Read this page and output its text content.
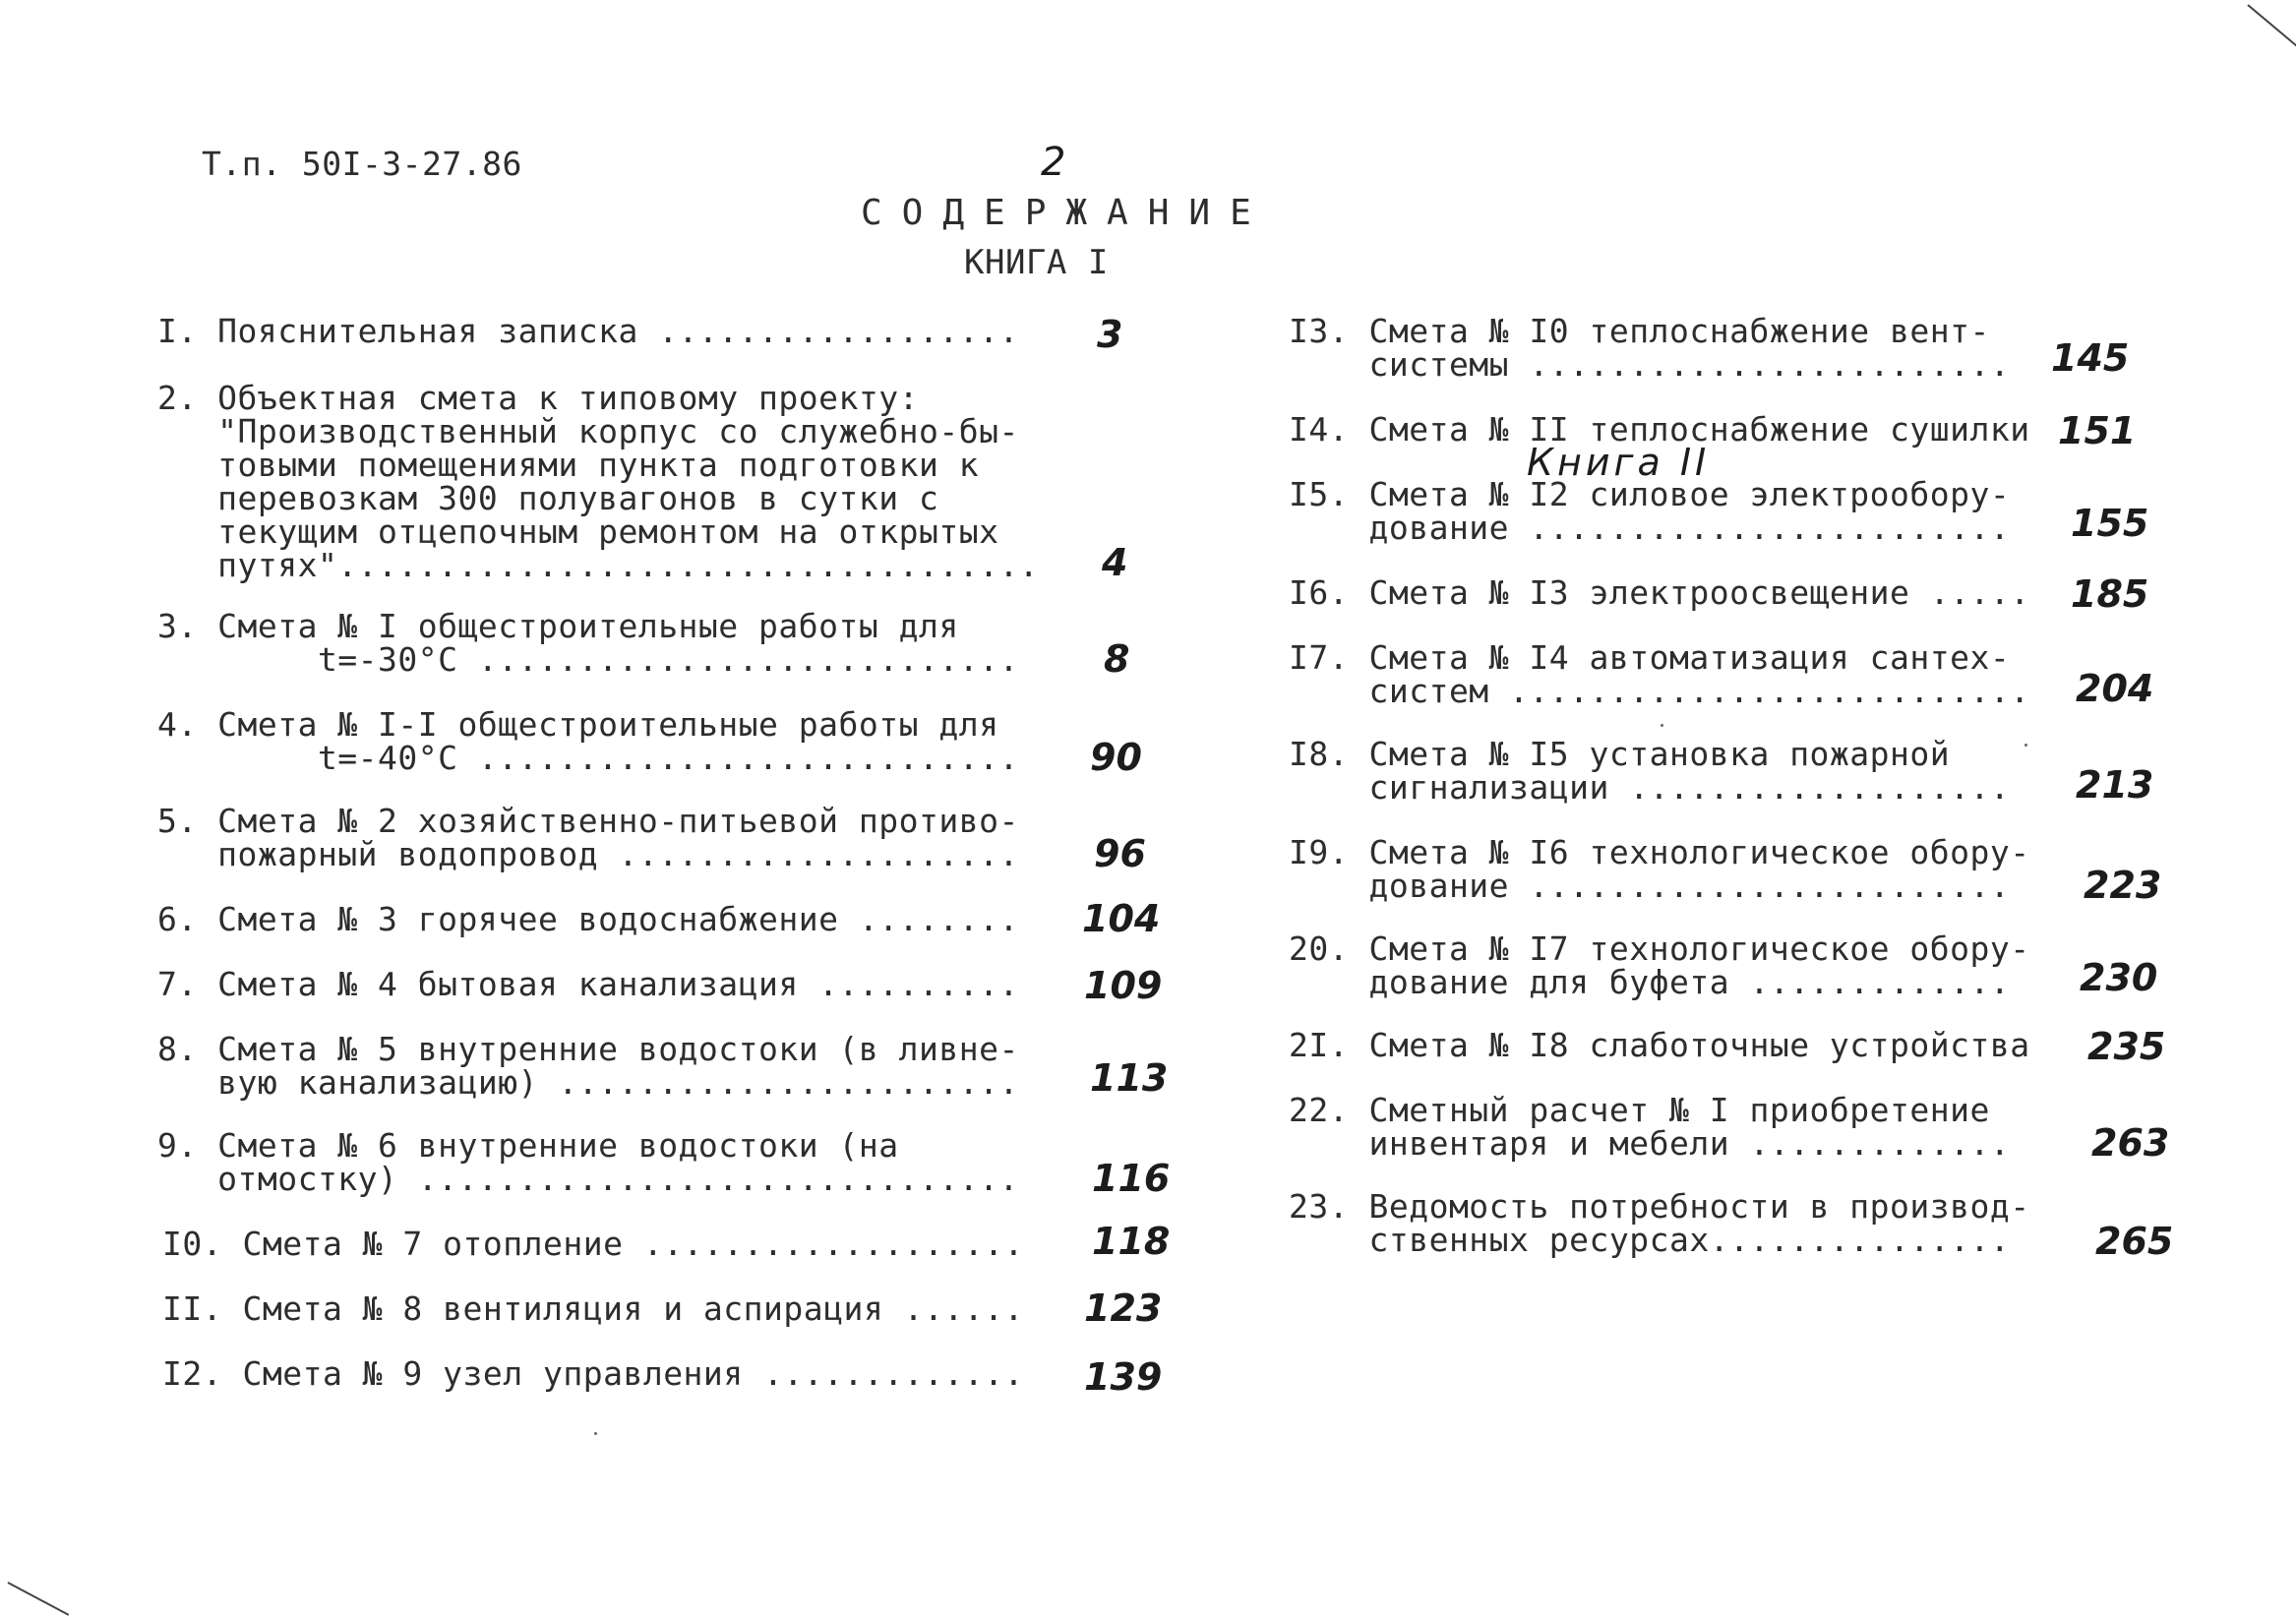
Т.п. 50I-3-27.86	2
СОДЕРЖАНИЕ
КНИГА I
I. Пояснительная записка .................. 3
2. Объектная смета к типовому проекту:
"Производственный корпус со служебно-бы-
товыми помещениями пункта подготовки к
перевозкам 300 полувагонов в сутки с
текущим отцепочным ремонтом на открытых
путях"................................... 4
3. Смета № I общестроительные работы для
t=-30°C ........................... 8
4. Смета № I-I общестроительные работы для
t=-40°C ........................... 90
5. Смета № 2 хозяйственно-питьевой противо-
пожарный водопровод .................... 96
6. Смета № 3 горячее водоснабжение ........ 104
7. Смета № 4 бытовая канализация .......... 109
8. Смета № 5 внутренние водостоки (в ливне-
вую канализацию) ....................... 113
9. Смета № 6 внутренние водостоки (на
отмостку) .............................. 116
I0. Смета № 7 отопление ................... 118
II. Смета № 8 вентиляция и аспирация ...... 123
I2. Смета № 9 узел управления ............. 139
I3. Смета № I0 теплоснабжение вент-
системы ........................ 145
I4. Смета № II теплоснабжение сушилки 151
Книга II
I5. Смета № I2 силовое электрообору-
дование ........................ 155
I6. Смета № I3 электроосвещение ..... 185
I7. Смета № I4 автоматизация сантех-
систем .......................... 204
I8. Смета № I5 установка пожарной
сигнализации ................... 213
I9. Смета № I6 технологическое обору-
дование ........................	223
20. Смета № I7 технологическое обору-
дование для буфета .............	230
2I. Смета № I8 слаботочные устройства 235
22. Сметный расчет № I приобретение
инвентаря и мебели ............. 263
23. Ведомость потребности в производ-
ственных ресурсах...............	265
